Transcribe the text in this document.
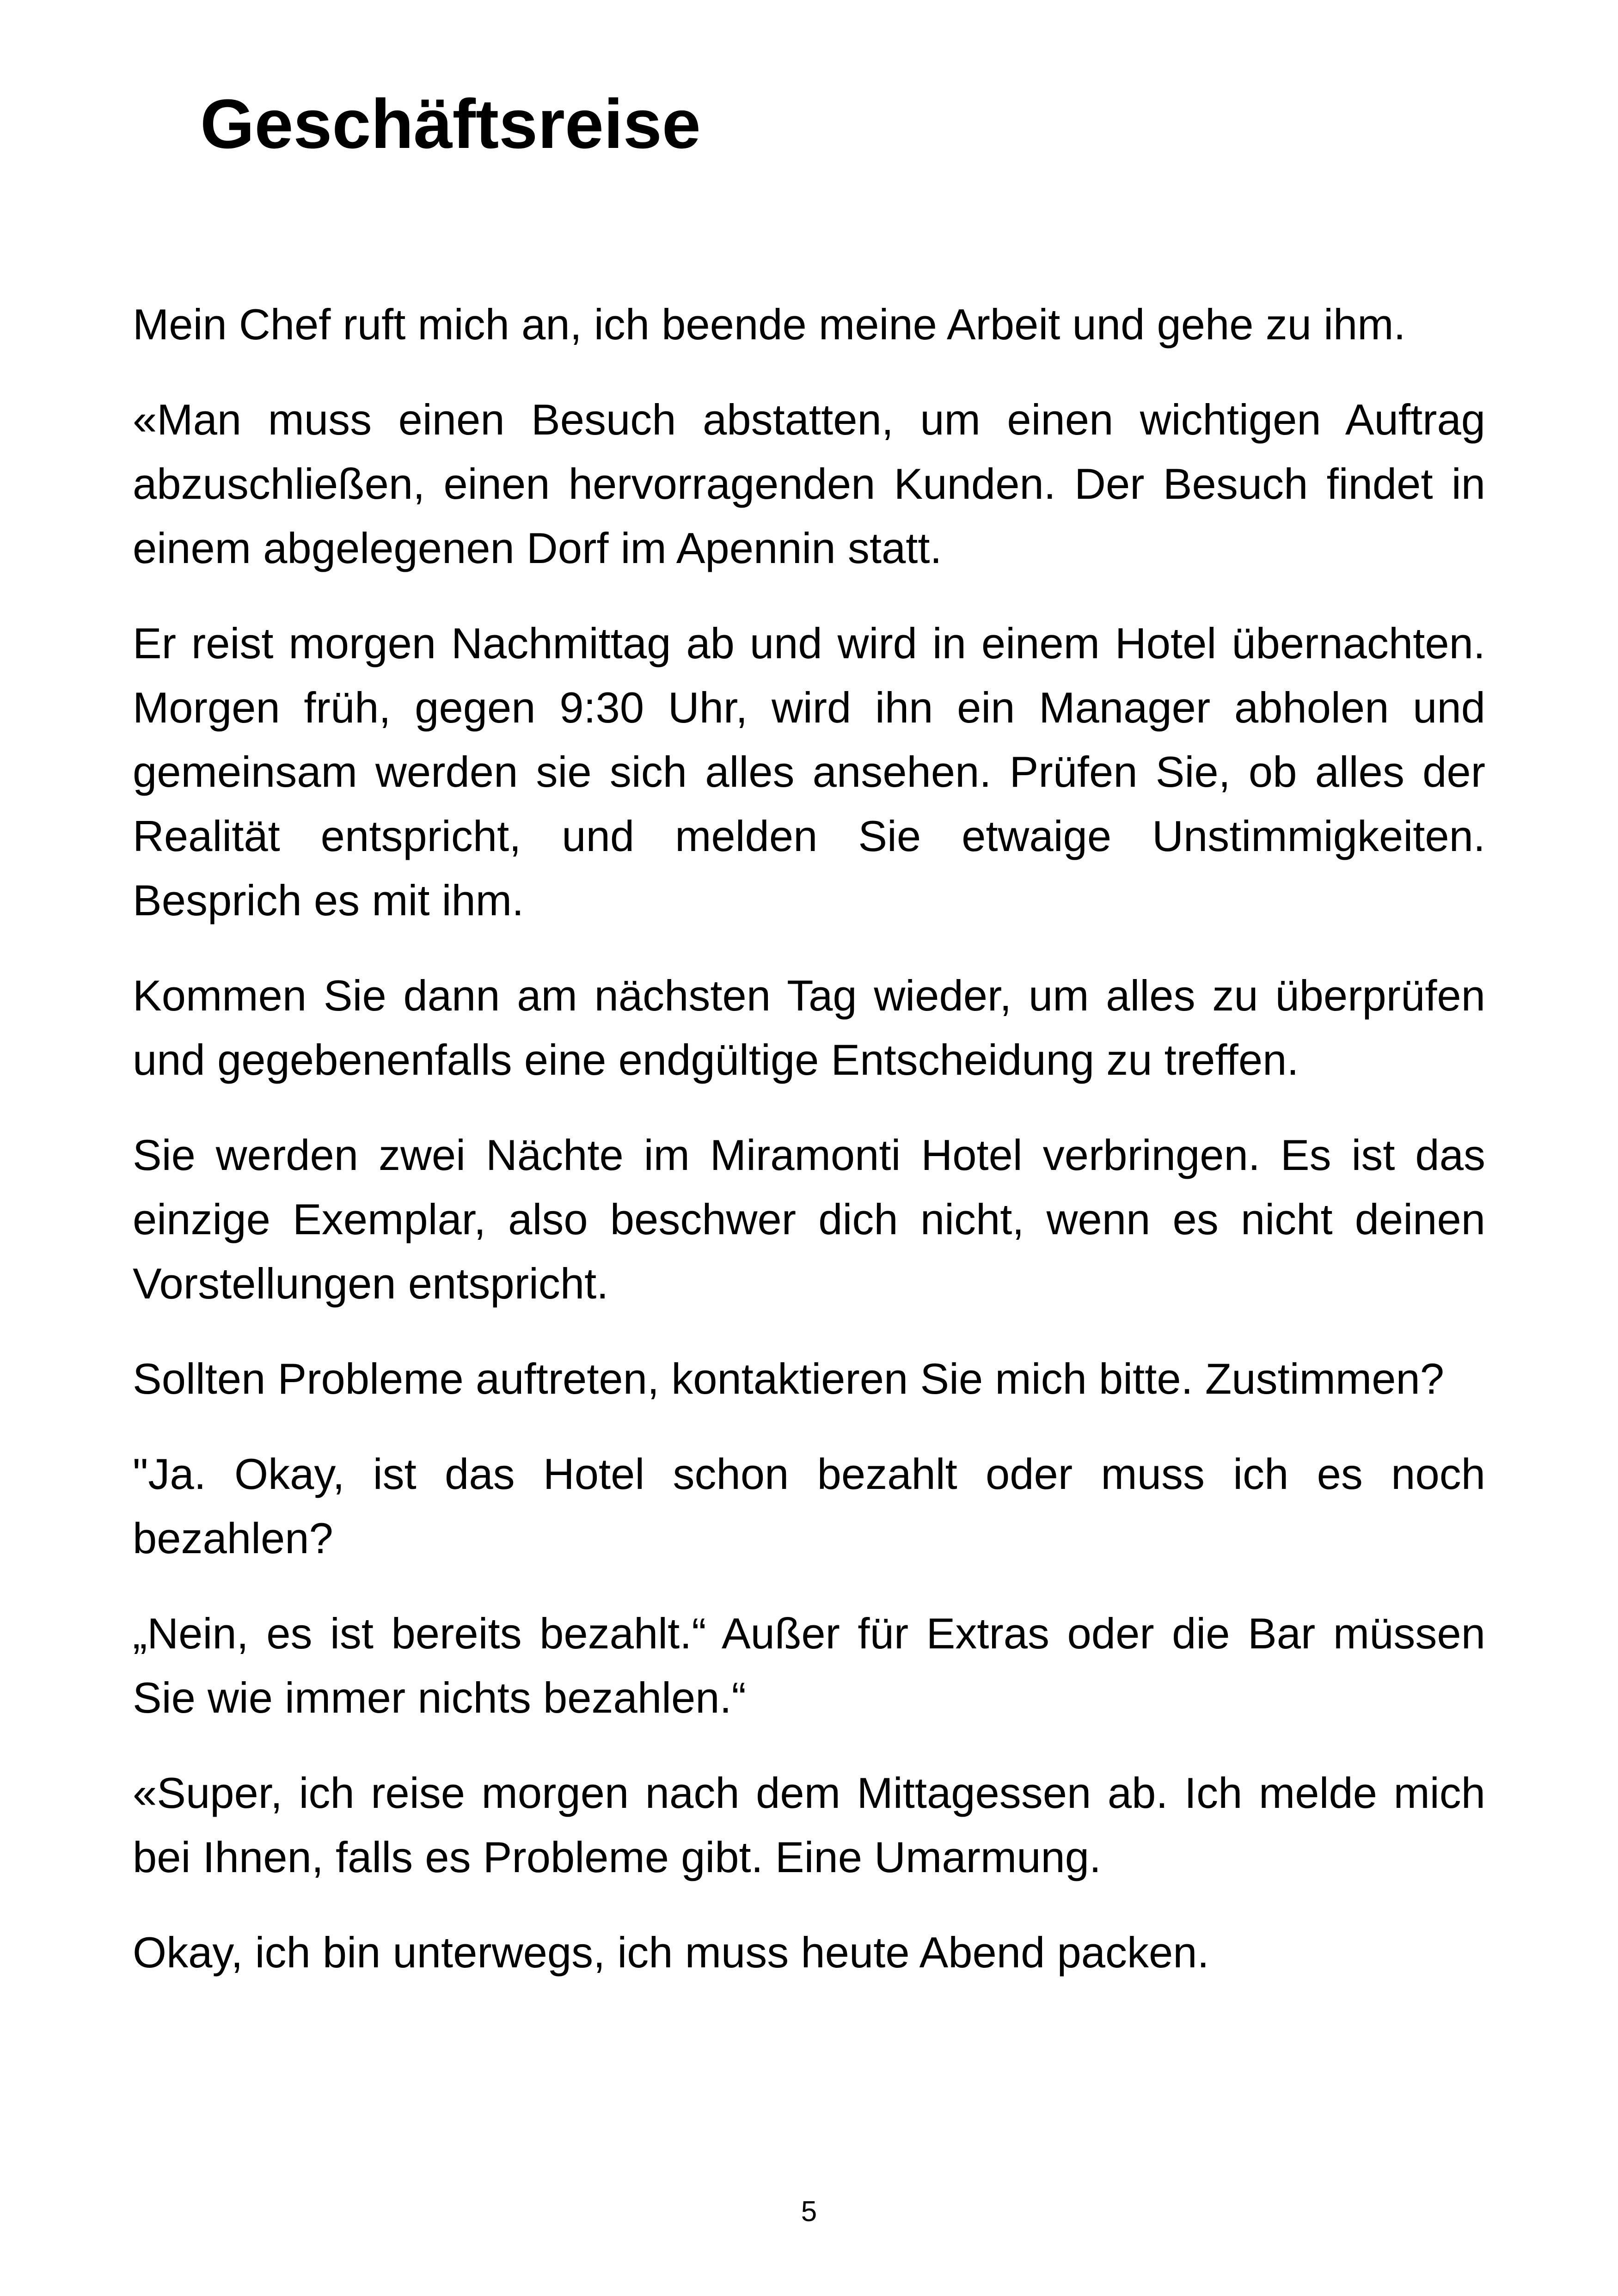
Geschäftsreise

Mein Chef ruft mich an, ich beende meine Arbeit und gehe zu ihm.

«Man muss einen Besuch abstatten, um einen wichtigen Auftrag abzuschließen, einen hervorragenden Kunden. Der Besuch findet in einem abgelegenen Dorf im Apennin statt.

Er reist morgen Nachmittag ab und wird in einem Hotel übernachten. Morgen früh, gegen 9:30 Uhr, wird ihn ein Manager abholen und gemeinsam werden sie sich alles ansehen. Prüfen Sie, ob alles der Realität entspricht, und melden Sie etwaige Unstimmigkeiten. Besprich es mit ihm.

Kommen Sie dann am nächsten Tag wieder, um alles zu überprüfen und gegebenenfalls eine endgültige Entscheidung zu treffen.

Sie werden zwei Nächte im Miramonti Hotel verbringen. Es ist das einzige Exemplar, also beschwer dich nicht, wenn es nicht deinen Vorstellungen entspricht.

Sollten Probleme auftreten, kontaktieren Sie mich bitte. Zustimmen?

"Ja. Okay, ist das Hotel schon bezahlt oder muss ich es noch bezahlen?

„Nein, es ist bereits bezahlt.“ Außer für Extras oder die Bar müssen Sie wie immer nichts bezahlen.“

«Super, ich reise morgen nach dem Mittagessen ab. Ich melde mich bei Ihnen, falls es Probleme gibt. Eine Umarmung.

Okay, ich bin unterwegs, ich muss heute Abend packen.

5
